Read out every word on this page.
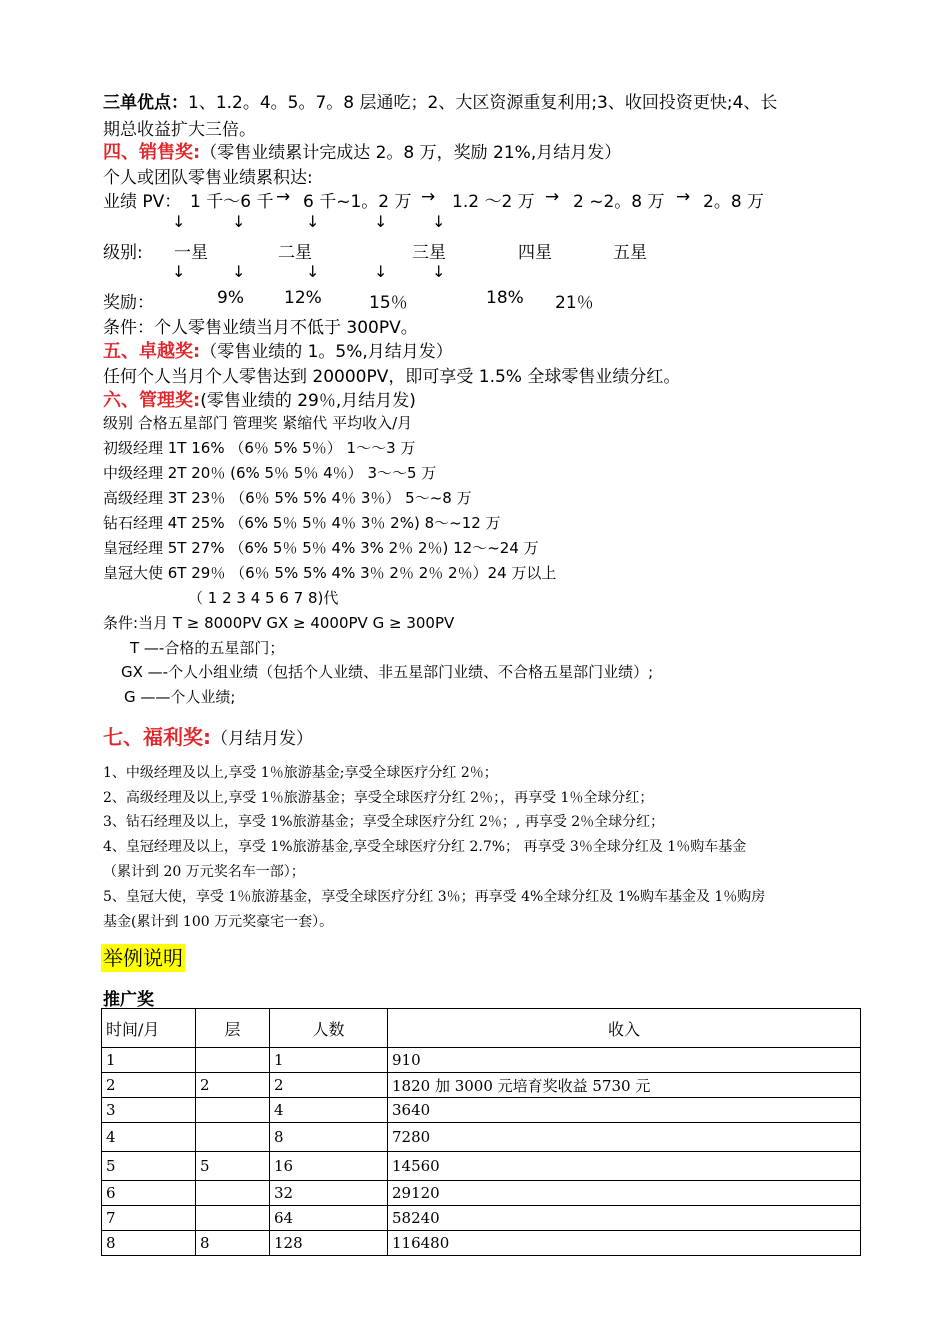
三单优点：1、1.2。4。5。7。8 层通吃；2、大区资源重复利用;3、收回投资更快;4、长
期总收益扩大三倍。
四、销售奖:（零售业绩累计完成达 2。8 万，奖励 21%,月结月发）
个人或团队零售业绩累积达:
业绩 PV： 1 千～6 千 → 6 千~1。2 万 → 1.2 ～2 万 → 2 ~2。8 万 → 2。8 万
↓	↓	↓	↓	↓
级别: 一星	二星	三星	四星	五星
↓	↓	↓	↓	↓
奖励：	9% 12%	15％	18% 21％
条件：个人零售业绩当月不低于 300PV。
五、卓越奖:（零售业绩的 1。5%,月结月发）
任何个人当月个人零售达到 20000PV，即可享受 1.5% 全球零售业绩分红。
六、管理奖:(零售业绩的 29％,月结月发)
级别 合格五星部门 管理奖 紧缩代 平均收入/月
初级经理 1T 16% （6％ 5% 5％） 1～～3 万
中级经理 2T 20％ (6% 5％ 5％ 4％） 3～～5 万
高级经理 3T 23％ （6％ 5% 5% 4％ 3％） 5～~8 万
钻石经理 4T 25% （6% 5％ 5％ 4％ 3％ 2%) 8～~12 万
皇冠经理 5T 27% （6% 5％ 5％ 4% 3% 2％ 2％) 12～~24 万
皇冠大使 6T 29％ （6％ 5% 5% 4% 3％ 2％ 2％ 2％）24 万以上
（ 1 2 3 4 5 6 7 8)代
条件:当月 T ≥ 8000PV GX ≥ 4000PV G ≥ 300PV
T —-合格的五星部门；
GX —-个人小组业绩（包括个人业绩、非五星部门业绩、不合格五星部门业绩）;
G ——个人业绩;
七、福利奖:（月结月发）
1、中级经理及以上,享受 1％旅游基金;享受全球医疗分红 2％；
2、高级经理及以上,享受 1％旅游基金；享受全球医疗分红 2％；，再享受 1％全球分红；
3、钻石经理及以上，享受 1%旅游基金；享受全球医疗分红 2％；, 再享受 2％全球分红；
4、皇冠经理及以上，享受 1%旅游基金,享受全球医疗分红 2.7%； 再享受 3％全球分红及 1％购车基金
（累计到 20 万元奖名车一部）；
5、皇冠大使，享受 1％旅游基金，享受全球医疗分红 3％；再享受 4%全球分红及 1%购车基金及 1％购房
基金(累计到 100 万元奖豪宅一套）。
举例说明
推广奖
时间/月	层	人数	收入
1		1	910
2	2	2	1820 加 3000 元培育奖收益 5730 元
3		4	3640
4		8	7280
5	5	16	14560
6		32	29120
7		64	58240
8	8	128	116480
